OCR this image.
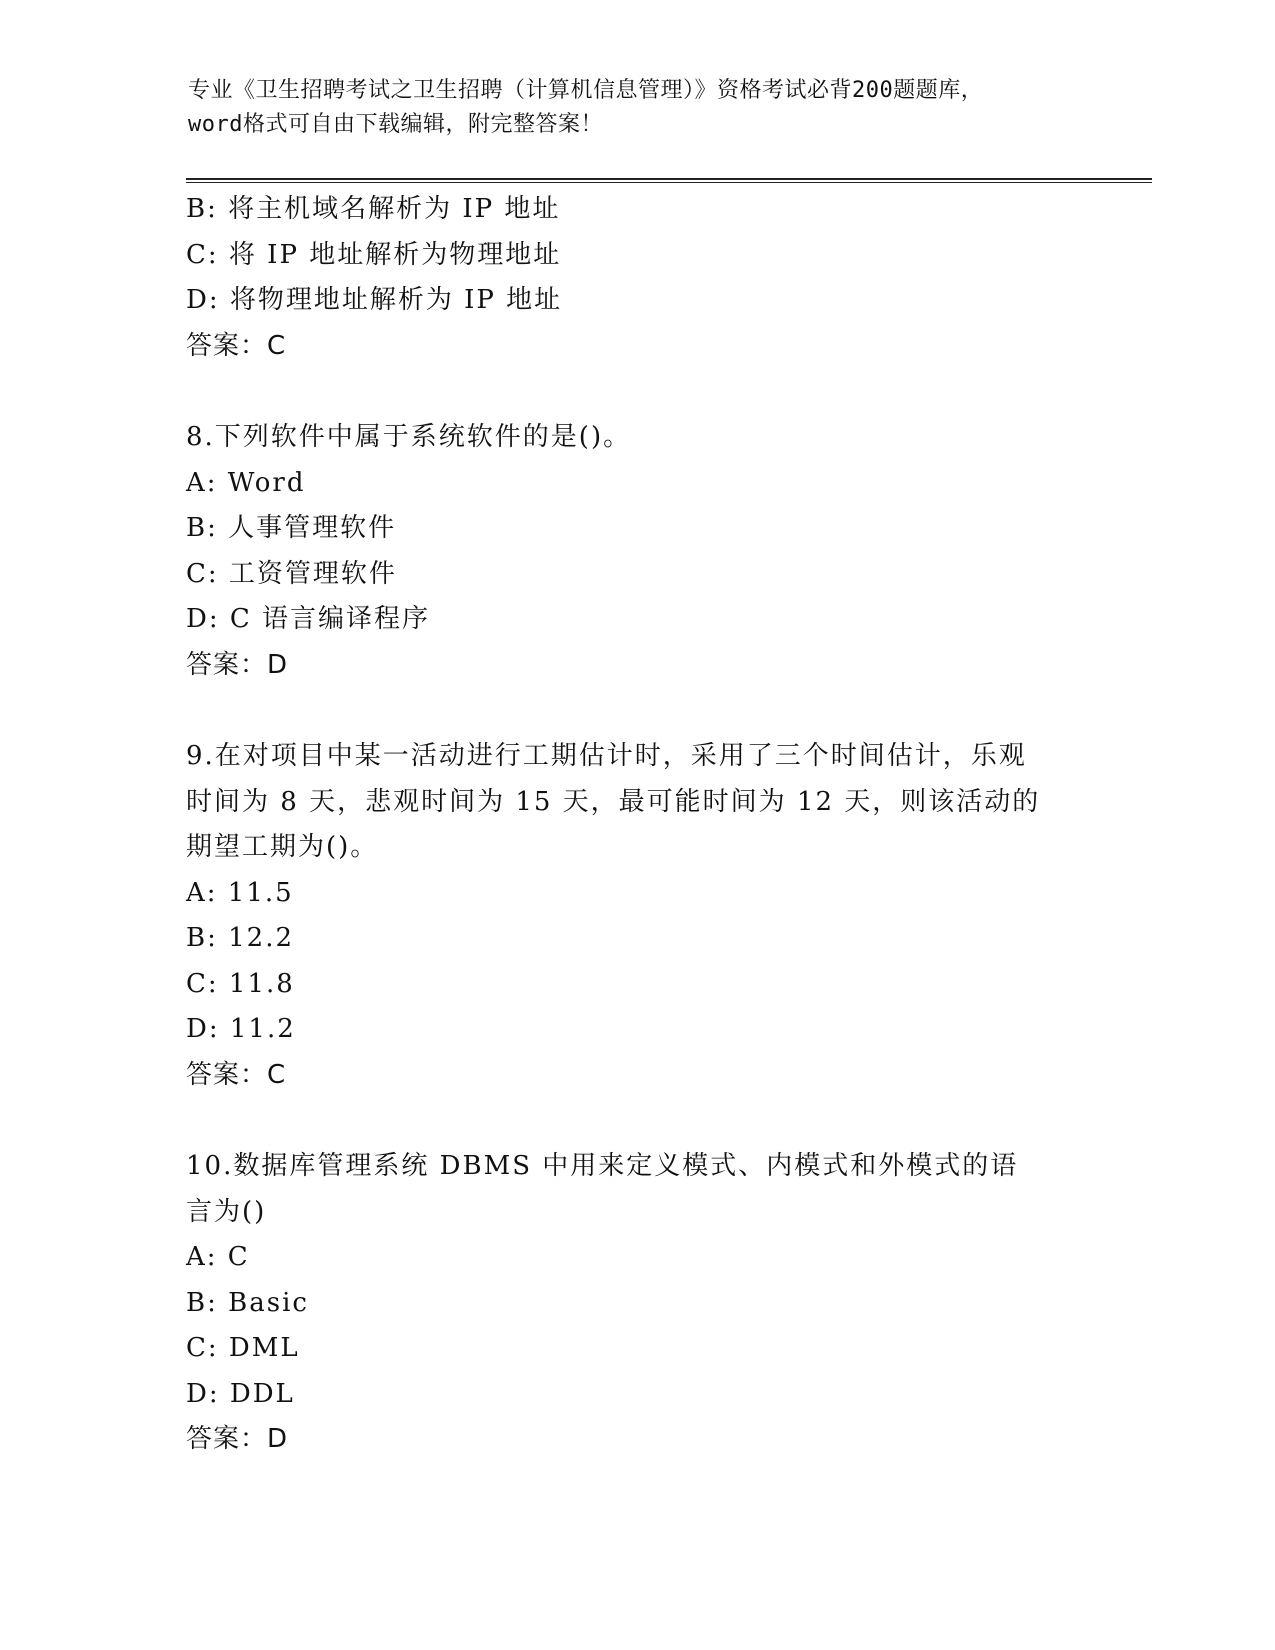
专业《卫生招聘考试之卫生招聘（计算机信息管理）》资格考试必背200题题库，
word格式可自由下载编辑，附完整答案！
B: 将主机域名解析为 IP 地址
C: 将 IP 地址解析为物理地址
D: 将物理地址解析为 IP 地址
答案：C
8.下列软件中属于系统软件的是()。
A: Word
B: 人事管理软件
C: 工资管理软件
D: C 语言编译程序
答案：D
9.在对项目中某一活动进行工期估计时，采用了三个时间估计，乐观时间为 8 天，悲观时间为 15 天，最可能时间为 12 天，则该活动的期望工期为()。
A: 11.5
B: 12.2
C: 11.8
D: 11.2
答案：C
10.数据库管理系统 DBMS 中用来定义模式、内模式和外模式的语言为()
A: C
B: Basic
C: DML
D: DDL
答案：D
